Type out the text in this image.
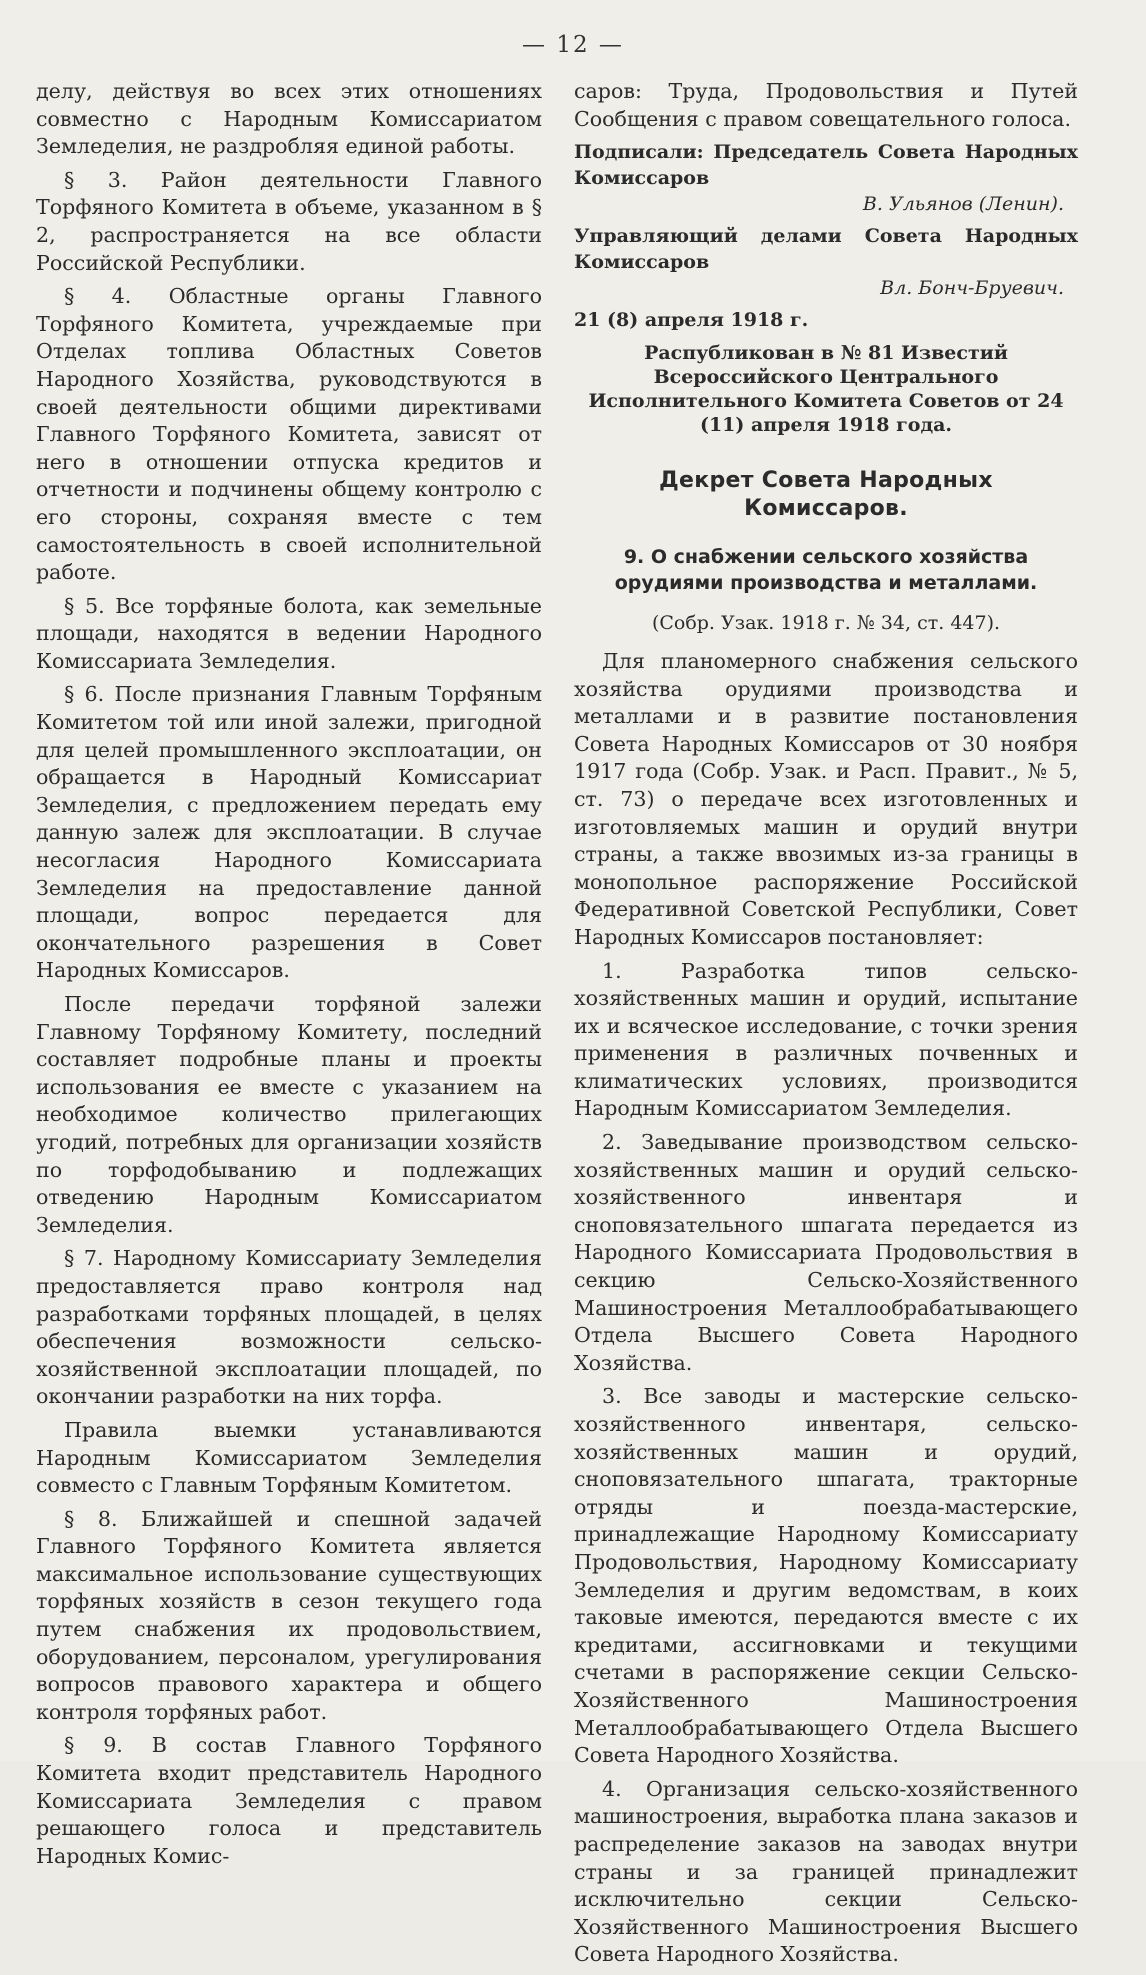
— 12 —

делу, действуя во всех этих отношениях совместно с Народным Комиссариатом Земледелия, не раздробляя единой работы.

§ 3. Район деятельности Главного Торфяного Комитета в объеме, указанном в § 2, распространяется на все области Российской Республики.

§ 4. Областные органы Главного Торфяного Комитета, учреждаемые при Отделах топлива Областных Советов Народного Хозяйства, руководствуются в своей деятельности общими директивами Главного Торфяного Комитета, зависят от него в отношении отпуска кредитов и отчетности и подчинены общему контролю с его стороны, сохраняя вместе с тем самостоятельность в своей исполнительной работе.

§ 5. Все торфяные болота, как земельные площади, находятся в ведении Народного Комиссариата Земледелия.

§ 6. После признания Главным Торфяным Комитетом той или иной залежи, пригодной для целей промышленного эксплоатации, он обращается в Народный Комиссариат Земледелия, с предложением передать ему данную залеж для эксплоатации. В случае несогласия Народного Комиссариата Земледелия на предоставление данной площади, вопрос передается для окончательного разрешения в Совет Народных Комиссаров.

После передачи торфяной залежи Главному Торфяному Комитету, последний составляет подробные планы и проекты использования ее вместе с указанием на необходимое количество прилегающих угодий, потребных для организации хозяйств по торфодобыванию и подлежащих отведению Народным Комиссариатом Земледелия.

§ 7. Народному Комиссариату Земледелия предоставляется право контроля над разработками торфяных площадей, в целях обеспечения возможности сельско-хозяйственной эксплоатации площадей, по окончании разработки на них торфа.

Правила выемки устанавливаются Народным Комиссариатом Земледелия совместо с Главным Торфяным Комитетом.

§ 8. Ближайшей и спешной задачей Главного Торфяного Комитета является максимальное использование существующих торфяных хозяйств в сезон текущего года путем снабжения их продовольствием, оборудованием, персоналом, урегулирования вопросов правового характера и общего контроля торфяных работ.

§ 9. В состав Главного Торфяного Комитета входит представитель Народного Комиссариата Земледелия с правом решающего голоса и представитель Народных Комис-

саров: Труда, Продовольствия и Путей Сообщения с правом совещательного голоса.

Подписали: Председатель Совета Народных Комиссаров
В. Ульянов (Ленин).
Управляющий делами Совета Народных Комиссаров
Вл. Бонч-Бруевич.
21 (8) апреля 1918 г.
Распубликован в № 81 Известий Всероссийского Центрального Исполнительного Комитета Советов от 24 (11) апреля 1918 года.
Декрет Совета Народных Комиссаров.
9. О снабжении сельского хозяйства орудиями производства и металлами.
(Собр. Узак. 1918 г. № 34, ст. 447).

Для планомерного снабжения сельского хозяйства орудиями производства и металлами и в развитие постановления Совета Народных Комиссаров от 30 ноября 1917 года (Собр. Узак. и Расп. Правит., № 5, ст. 73) о передаче всех изготовленных и изготовляемых машин и орудий внутри страны, а также ввозимых из-за границы в монопольное распоряжение Российской Федеративной Советской Республики, Совет Народных Комиссаров постановляет:

1. Разработка типов сельско-хозяйственных машин и орудий, испытание их и всяческое исследование, с точки зрения применения в различных почвенных и климатических условиях, производится Народным Комиссариатом Земледелия.

2. Заведывание производством сельско-хозяйственных машин и орудий сельско-хозяйственного инвентаря и сноповязательного шпагата передается из Народного Комиссариата Продовольствия в секцию Сельско-Хозяйственного Машиностроения Металлообрабатывающего Отдела Высшего Совета Народного Хозяйства.

3. Все заводы и мастерские сельско-хозяйственного инвентаря, сельско-хозяйственных машин и орудий, сноповязательного шпагата, тракторные отряды и поезда-мастерские, принадлежащие Народному Комиссариату Продовольствия, Народному Комиссариату Земледелия и другим ведомствам, в коих таковые имеются, передаются вместе с их кредитами, ассигновками и текущими счетами в распоряжение секции Сельско-Хозяйственного Машиностроения Металлообрабатывающего Отдела Высшего Совета Народного Хозяйства.

4. Организация сельско-хозяйственного машиностроения, выработка плана заказов и распределение заказов на заводах внутри страны и за границей принадлежит исключительно секции Сельско-Хозяйственного Машиностроения Высшего Совета Народного Хозяйства.
